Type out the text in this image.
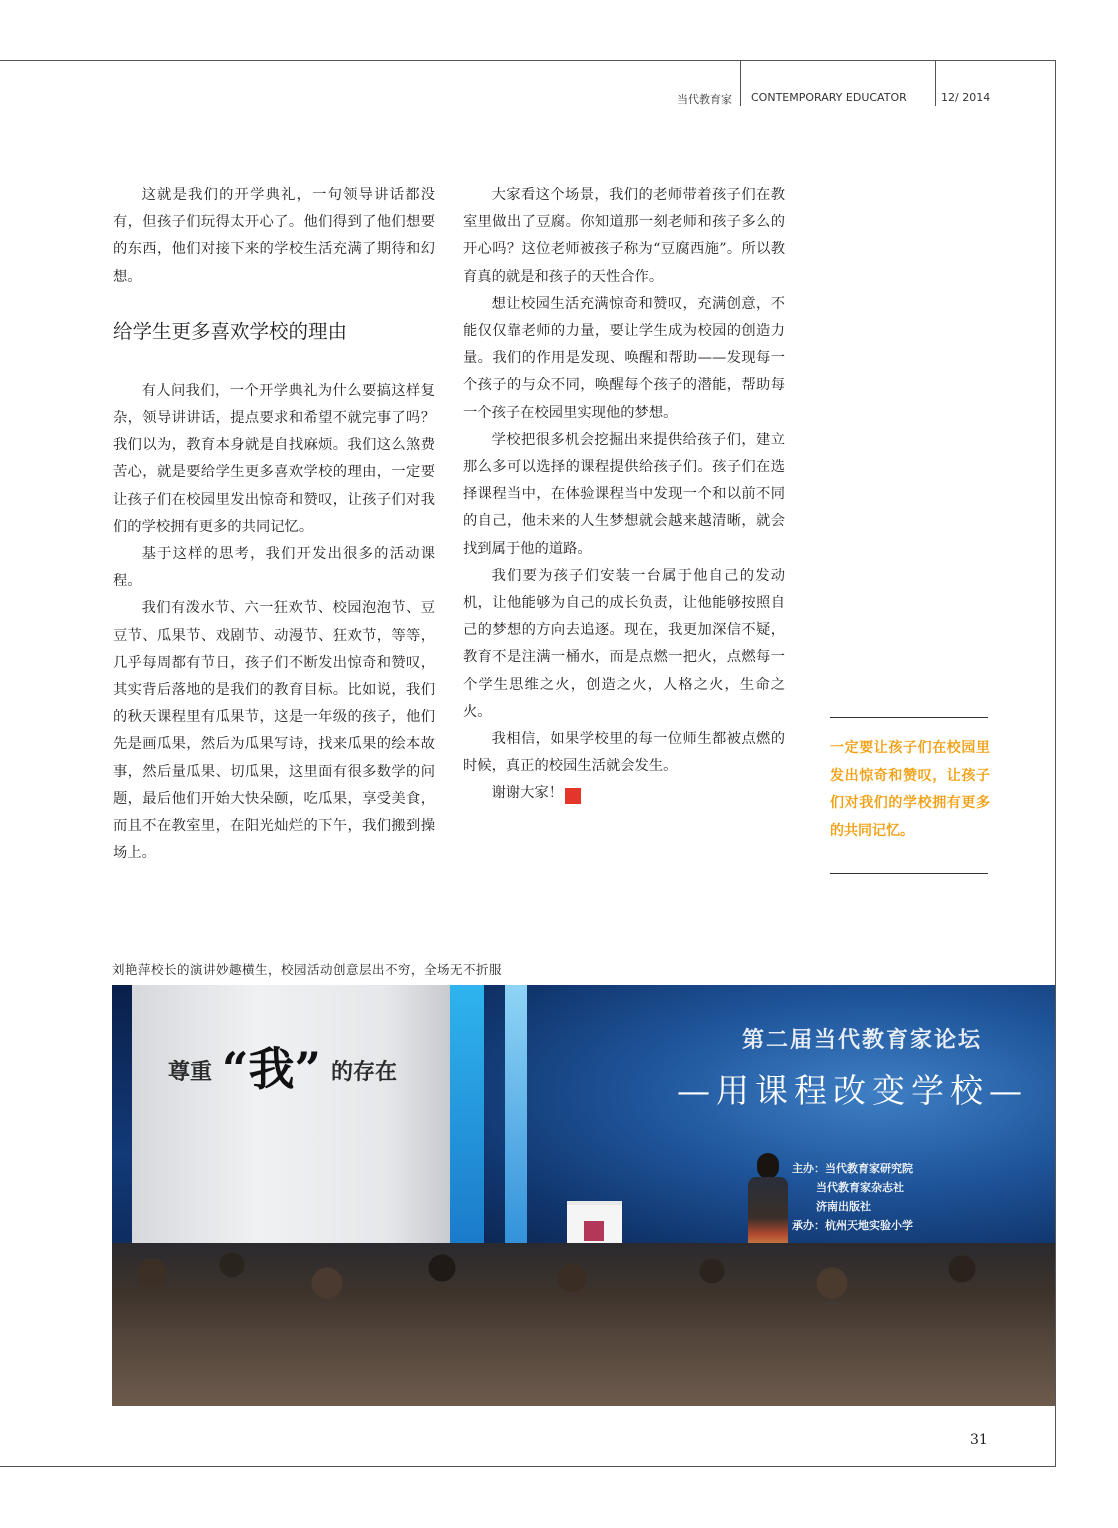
当代教育家 CONTEMPORARY EDUCATOR	12/ 2014

这就是我们的开学典礼，一句领导讲话都没有，但孩子们玩得太开心了。他们得到了他们想要的东西，他们对接下来的学校生活充满了期待和幻想。

给学生更多喜欢学校的理由

有人问我们，一个开学典礼为什么要搞这样复杂，领导讲讲话，提点要求和希望不就完事了吗？我们以为，教育本身就是自找麻烦。我们这么煞费苦心，就是要给学生更多喜欢学校的理由，一定要让孩子们在校园里发出惊奇和赞叹，让孩子们对我们的学校拥有更多的共同记忆。

基于这样的思考，我们开发出很多的活动课程。

我们有泼水节、六一狂欢节、校园泡泡节、豆豆节、瓜果节、戏剧节、动漫节、狂欢节，等等，几乎每周都有节日，孩子们不断发出惊奇和赞叹，其实背后落地的是我们的教育目标。比如说，我们的秋天课程里有瓜果节，这是一年级的孩子，他们先是画瓜果，然后为瓜果写诗，找来瓜果的绘本故事，然后量瓜果、切瓜果，这里面有很多数学的问题，最后他们开始大快朵颐，吃瓜果，享受美食，而且不在教室里，在阳光灿烂的下午，我们搬到操场上。

大家看这个场景，我们的老师带着孩子们在教室里做出了豆腐。你知道那一刻老师和孩子多么的开心吗？这位老师被孩子称为“豆腐西施”。所以教育真的就是和孩子的天性合作。

想让校园生活充满惊奇和赞叹，充满创意，不能仅仅靠老师的力量，要让学生成为校园的创造力量。我们的作用是发现、唤醒和帮助——发现每一个孩子的与众不同，唤醒每个孩子的潜能，帮助每一个孩子在校园里实现他的梦想。

学校把很多机会挖掘出来提供给孩子们，建立那么多可以选择的课程提供给孩子们。孩子们在选择课程当中，在体验课程当中发现一个和以前不同的自己，他未来的人生梦想就会越来越清晰，就会找到属于他的道路。

我们要为孩子们安装一台属于他自己的发动机，让他能够为自己的成长负责，让他能够按照自己的梦想的方向去追逐。现在，我更加深信不疑，教育不是注满一桶水，而是点燃一把火，点燃每一个学生思维之火，创造之火，人格之火，生命之火。

我相信，如果学校里的每一位师生都被点燃的时候，真正的校园生活就会发生。

谢谢大家！	家

一定要让孩子们在校园里发出惊奇和赞叹，让孩子们对我们的学校拥有更多的共同记忆。
刘艳萍校长的演讲妙趣横生，校园活动创意层出不穷，全场无不折服
尊重 “我” 的存在
第二届当代教育家论坛
—用课程改变学校—
主办：当代教育家研究院
当代教育家杂志社
济南出版社
承办：杭州天地实验小学
31
